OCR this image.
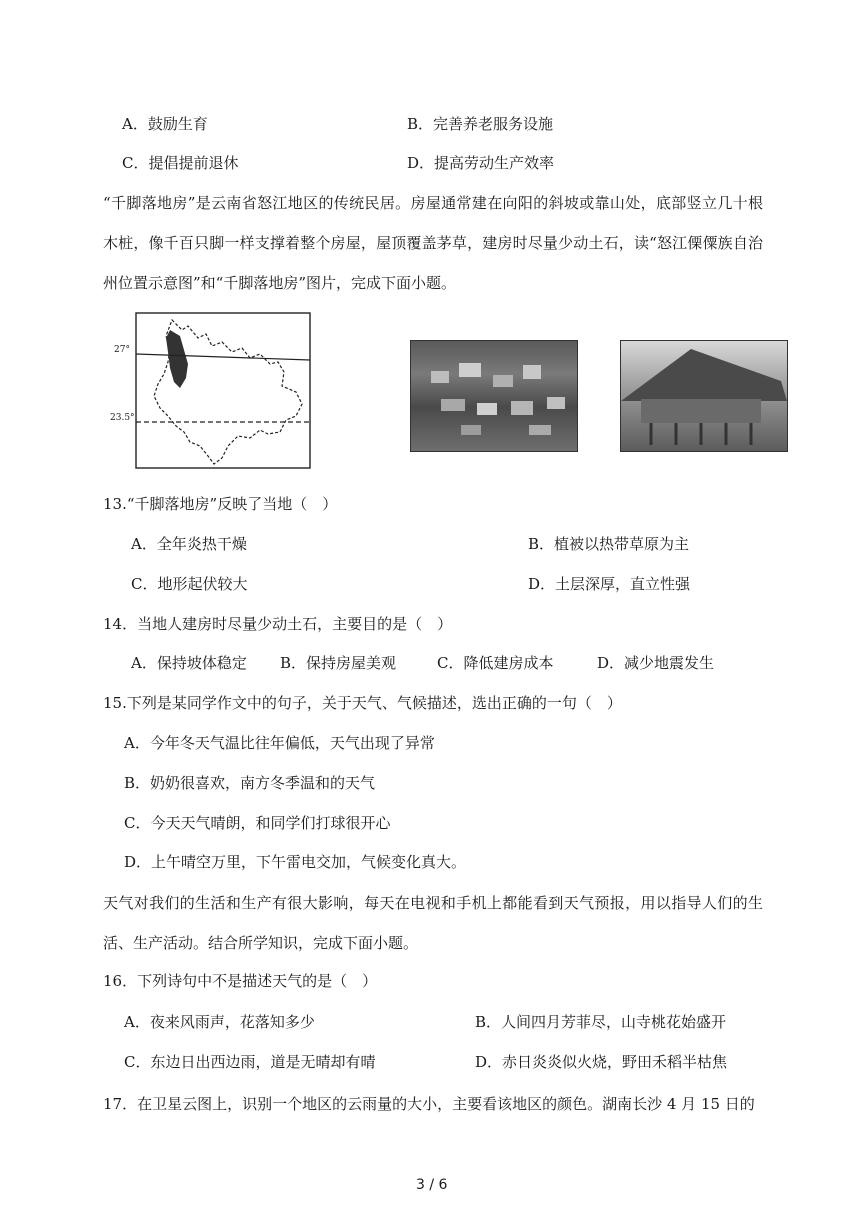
A．鼓励生育	B．完善养老服务设施
C．提倡提前退休	D．提高劳动生产效率
“千脚落地房”是云南省怒江地区的传统民居。房屋通常建在向阳的斜坡或靠山处，底部竖立几十根木桩，像千百只脚一样支撑着整个房屋，屋顶覆盖茅草，建房时尽量少动土石，读“怒江傈僳族自治州位置示意图”和“千脚落地房”图片，完成下面小题。
27°
23.5°
13.“千脚落地房”反映了当地（　）
A．全年炎热干燥	B．植被以热带草原为主
C．地形起伏较大	D．土层深厚，直立性强
14．当地人建房时尽量少动土石，主要目的是（　）
A．保持坡体稳定 B．保持房屋美观	C．降低建房成本	D．减少地震发生
15.下列是某同学作文中的句子，关于天气、气候描述，选出正确的一句（　）
A．今年冬天气温比往年偏低，天气出现了异常
B．奶奶很喜欢，南方冬季温和的天气
C．今天天气晴朗，和同学们打球很开心
D．上午晴空万里，下午雷电交加，气候变化真大。
天气对我们的生活和生产有很大影响，每天在电视和手机上都能看到天气预报，用以指导人们的生活、生产活动。结合所学知识，完成下面小题。
16．下列诗句中不是描述天气的是（　）
A．夜来风雨声，花落知多少	B．人间四月芳菲尽，山寺桃花始盛开
C．东边日出西边雨，道是无晴却有晴	D．赤日炎炎似火烧，野田禾稻半枯焦
17．在卫星云图上，识别一个地区的云雨量的大小，主要看该地区的颜色。湖南长沙 4 月 15 日的
3 / 6
